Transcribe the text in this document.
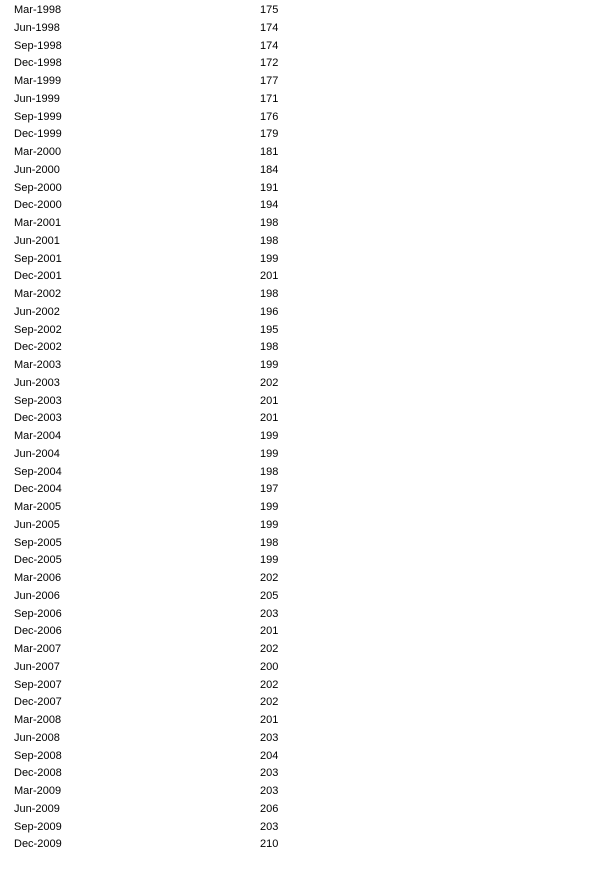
Mar-1998	175
Jun-1998	174
Sep-1998	174
Dec-1998	172
Mar-1999	177
Jun-1999	171
Sep-1999	176
Dec-1999	179
Mar-2000	181
Jun-2000	184
Sep-2000	191
Dec-2000	194
Mar-2001	198
Jun-2001	198
Sep-2001	199
Dec-2001	201
Mar-2002	198
Jun-2002	196
Sep-2002	195
Dec-2002	198
Mar-2003	199
Jun-2003	202
Sep-2003	201
Dec-2003	201
Mar-2004	199
Jun-2004	199
Sep-2004	198
Dec-2004	197
Mar-2005	199
Jun-2005	199
Sep-2005	198
Dec-2005	199
Mar-2006	202
Jun-2006	205
Sep-2006	203
Dec-2006	201
Mar-2007	202
Jun-2007	200
Sep-2007	202
Dec-2007	202
Mar-2008	201
Jun-2008	203
Sep-2008	204
Dec-2008	203
Mar-2009	203
Jun-2009	206
Sep-2009	203
Dec-2009	210
